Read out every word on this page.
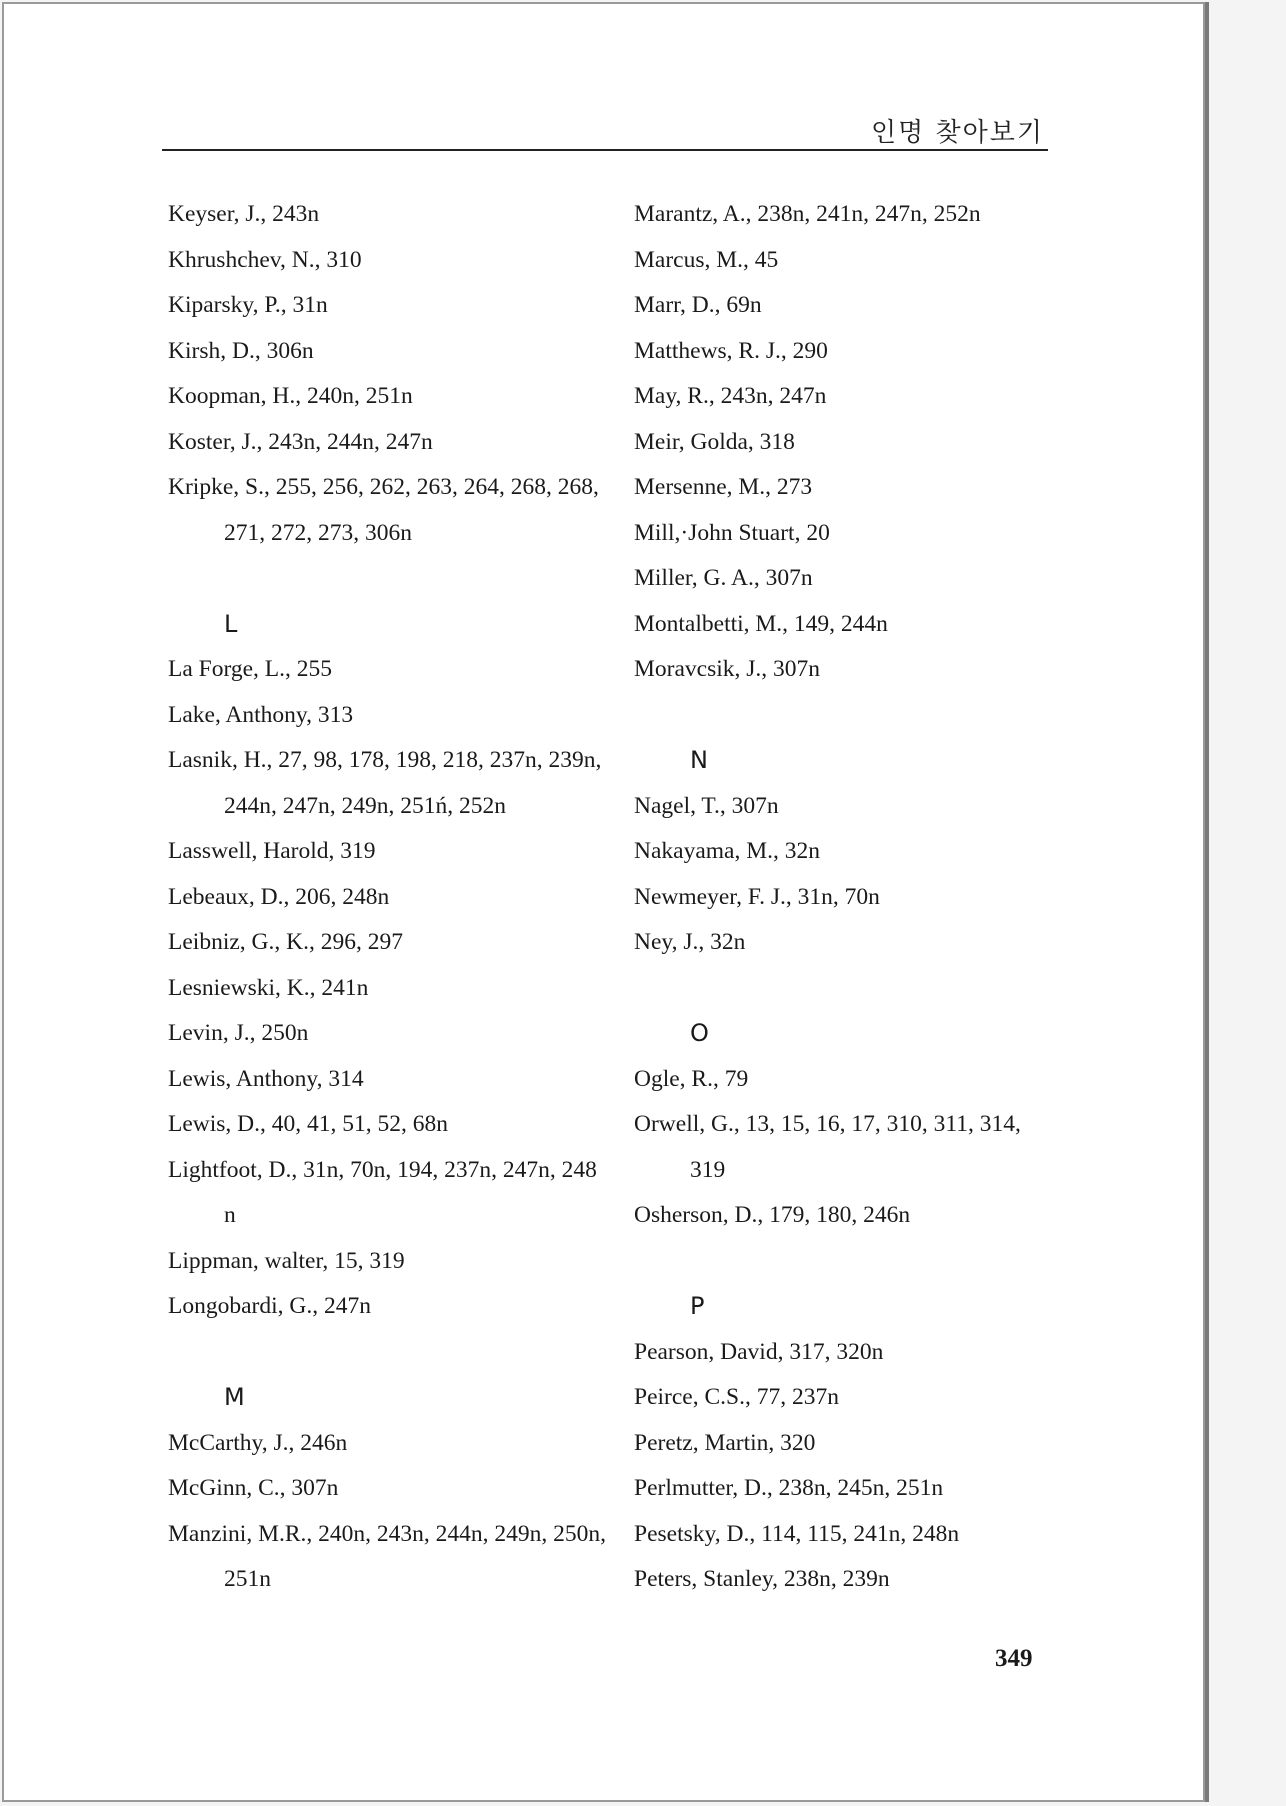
인명 찾아보기
Keyser, J., 243n
Khrushchev, N., 310
Kiparsky, P., 31n
Kirsh, D., 306n
Koopman, H., 240n, 251n
Koster, J., 243n, 244n, 247n
Kripke, S., 255, 256, 262, 263, 264, 268, 268,
271, 272, 273, 306n
L
La Forge, L., 255
Lake, Anthony, 313
Lasnik, H., 27, 98, 178, 198, 218, 237n, 239n,
244n, 247n, 249n, 251ń, 252n
Lasswell, Harold, 319
Lebeaux, D., 206, 248n
Leibniz, G., K., 296, 297
Lesniewski, K., 241n
Levin, J., 250n
Lewis, Anthony, 314
Lewis, D., 40, 41, 51, 52, 68n
Lightfoot, D., 31n, 70n, 194, 237n, 247n, 248
n
Lippman, walter, 15, 319
Longobardi, G., 247n
M
McCarthy, J., 246n
McGinn, C., 307n
Manzini, M.R., 240n, 243n, 244n, 249n, 250n,
251n
Marantz, A., 238n, 241n, 247n, 252n
Marcus, M., 45
Marr, D., 69n
Matthews, R. J., 290
May, R., 243n, 247n
Meir, Golda, 318
Mersenne, M., 273
Mill,·John Stuart, 20
Miller, G. A., 307n
Montalbetti, M., 149, 244n
Moravcsik, J., 307n
N
Nagel, T., 307n
Nakayama, M., 32n
Newmeyer, F. J., 31n, 70n
Ney, J., 32n
O
Ogle, R., 79
Orwell, G., 13, 15, 16, 17, 310, 311, 314,
319
Osherson, D., 179, 180, 246n
P
Pearson, David, 317, 320n
Peirce, C.S., 77, 237n
Peretz, Martin, 320
Perlmutter, D., 238n, 245n, 251n
Pesetsky, D., 114, 115, 241n, 248n
Peters, Stanley, 238n, 239n
349
